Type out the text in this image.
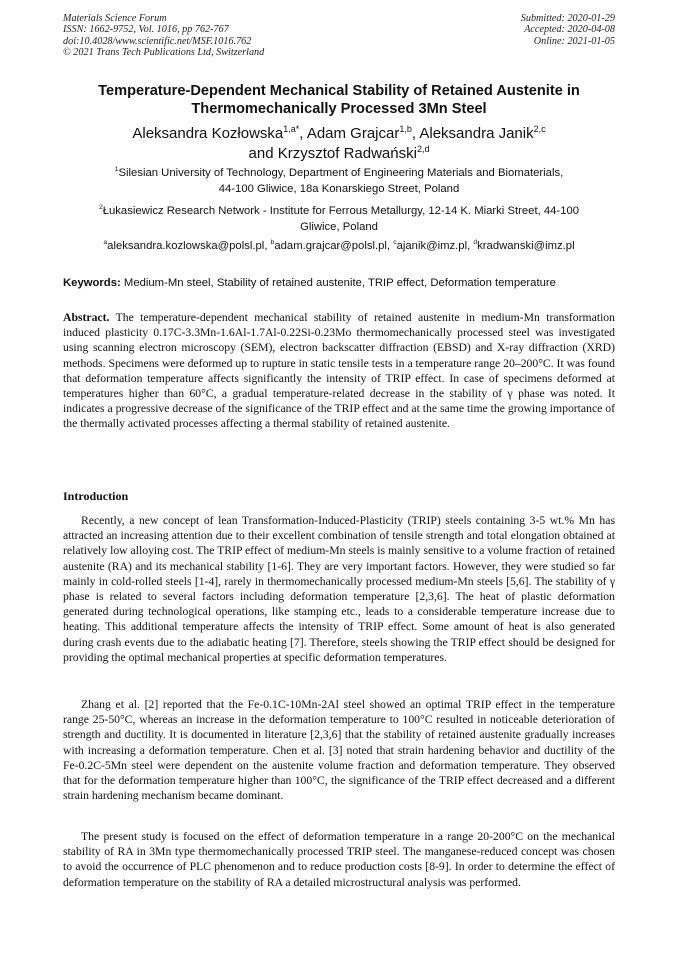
Materials Science Forum
ISSN: 1662-9752, Vol. 1016, pp 762-767
doi:10.4028/www.scientific.net/MSF.1016.762
© 2021 Trans Tech Publications Ltd, Switzerland
Submitted: 2020-01-29
Accepted: 2020-04-08
Online: 2021-01-05
Temperature-Dependent Mechanical Stability of Retained Austenite in
Thermomechanically Processed 3Mn Steel
Aleksandra Kozłowska$^{1,a*}$, Adam Grajcar$^{1,b}$, Aleksandra Janik$^{2,c}$
and Krzysztof Radwański$^{2,d}$
$^1$Silesian University of Technology, Department of Engineering Materials and Biomaterials,
44-100 Gliwice, 18a Konarskiego Street, Poland
$^2$Łukasiewicz Research Network - Institute for Ferrous Metallurgy, 12-14 K. Miarki Street, 44-100
Gliwice, Poland
$^a$aleksandra.kozlowska@polsl.pl, $^b$adam.grajcar@polsl.pl, $^c$ajanik@imz.pl, $^d$kradwanski@imz.pl
Keywords: Medium-Mn steel, Stability of retained austenite, TRIP effect, Deformation temperature
Abstract. The temperature-dependent mechanical stability of retained austenite in medium-Mn transformation induced plasticity 0.17C-3.3Mn-1.6Al-1.7Al-0.22Si-0.23Mo thermomechanically processed steel was investigated using scanning electron microscopy (SEM), electron backscatter diffraction (EBSD) and X-ray diffraction (XRD) methods. Specimens were deformed up to rupture in static tensile tests in a temperature range 20–200°C. It was found that deformation temperature affects significantly the intensity of TRIP effect. In case of specimens deformed at temperatures higher than 60°C, a gradual temperature-related decrease in the stability of γ phase was noted. It indicates a progressive decrease of the significance of the TRIP effect and at the same time the growing importance of the thermally activated processes affecting a thermal stability of retained austenite.
Introduction
Recently, a new concept of lean Transformation-Induced-Plasticity (TRIP) steels containing 3-5 wt.% Mn has attracted an increasing attention due to their excellent combination of tensile strength and total elongation obtained at relatively low alloying cost. The TRIP effect of medium-Mn steels is mainly sensitive to a volume fraction of retained austenite (RA) and its mechanical stability [1-6]. They are very important factors. However, they were studied so far mainly in cold-rolled steels [1-4], rarely in thermomechanically processed medium-Mn steels [5,6]. The stability of γ phase is related to several factors including deformation temperature [2,3,6]. The heat of plastic deformation generated during technological operations, like stamping etc., leads to a considerable temperature increase due to heating. This additional temperature affects the intensity of TRIP effect. Some amount of heat is also generated during crash events due to the adiabatic heating [7]. Therefore, steels showing the TRIP effect should be designed for providing the optimal mechanical properties at specific deformation temperatures.
Zhang et al. [2] reported that the Fe-0.1C-10Mn-2Al steel showed an optimal TRIP effect in the temperature range 25-50°C, whereas an increase in the deformation temperature to 100°C resulted in noticeable deterioration of strength and ductility. It is documented in literature [2,3,6] that the stability of retained austenite gradually increases with increasing a deformation temperature. Chen et al. [3] noted that strain hardening behavior and ductility of the Fe-0.2C-5Mn steel were dependent on the austenite volume fraction and deformation temperature. They observed that for the deformation temperature higher than 100°C, the significance of the TRIP effect decreased and a different strain hardening mechanism became dominant.
The present study is focused on the effect of deformation temperature in a range 20-200°C on the mechanical stability of RA in 3Mn type thermomechanically processed TRIP steel. The manganese-reduced concept was chosen to avoid the occurrence of PLC phenomenon and to reduce production costs [8-9]. In order to determine the effect of deformation temperature on the stability of RA a detailed microstructural analysis was performed.
